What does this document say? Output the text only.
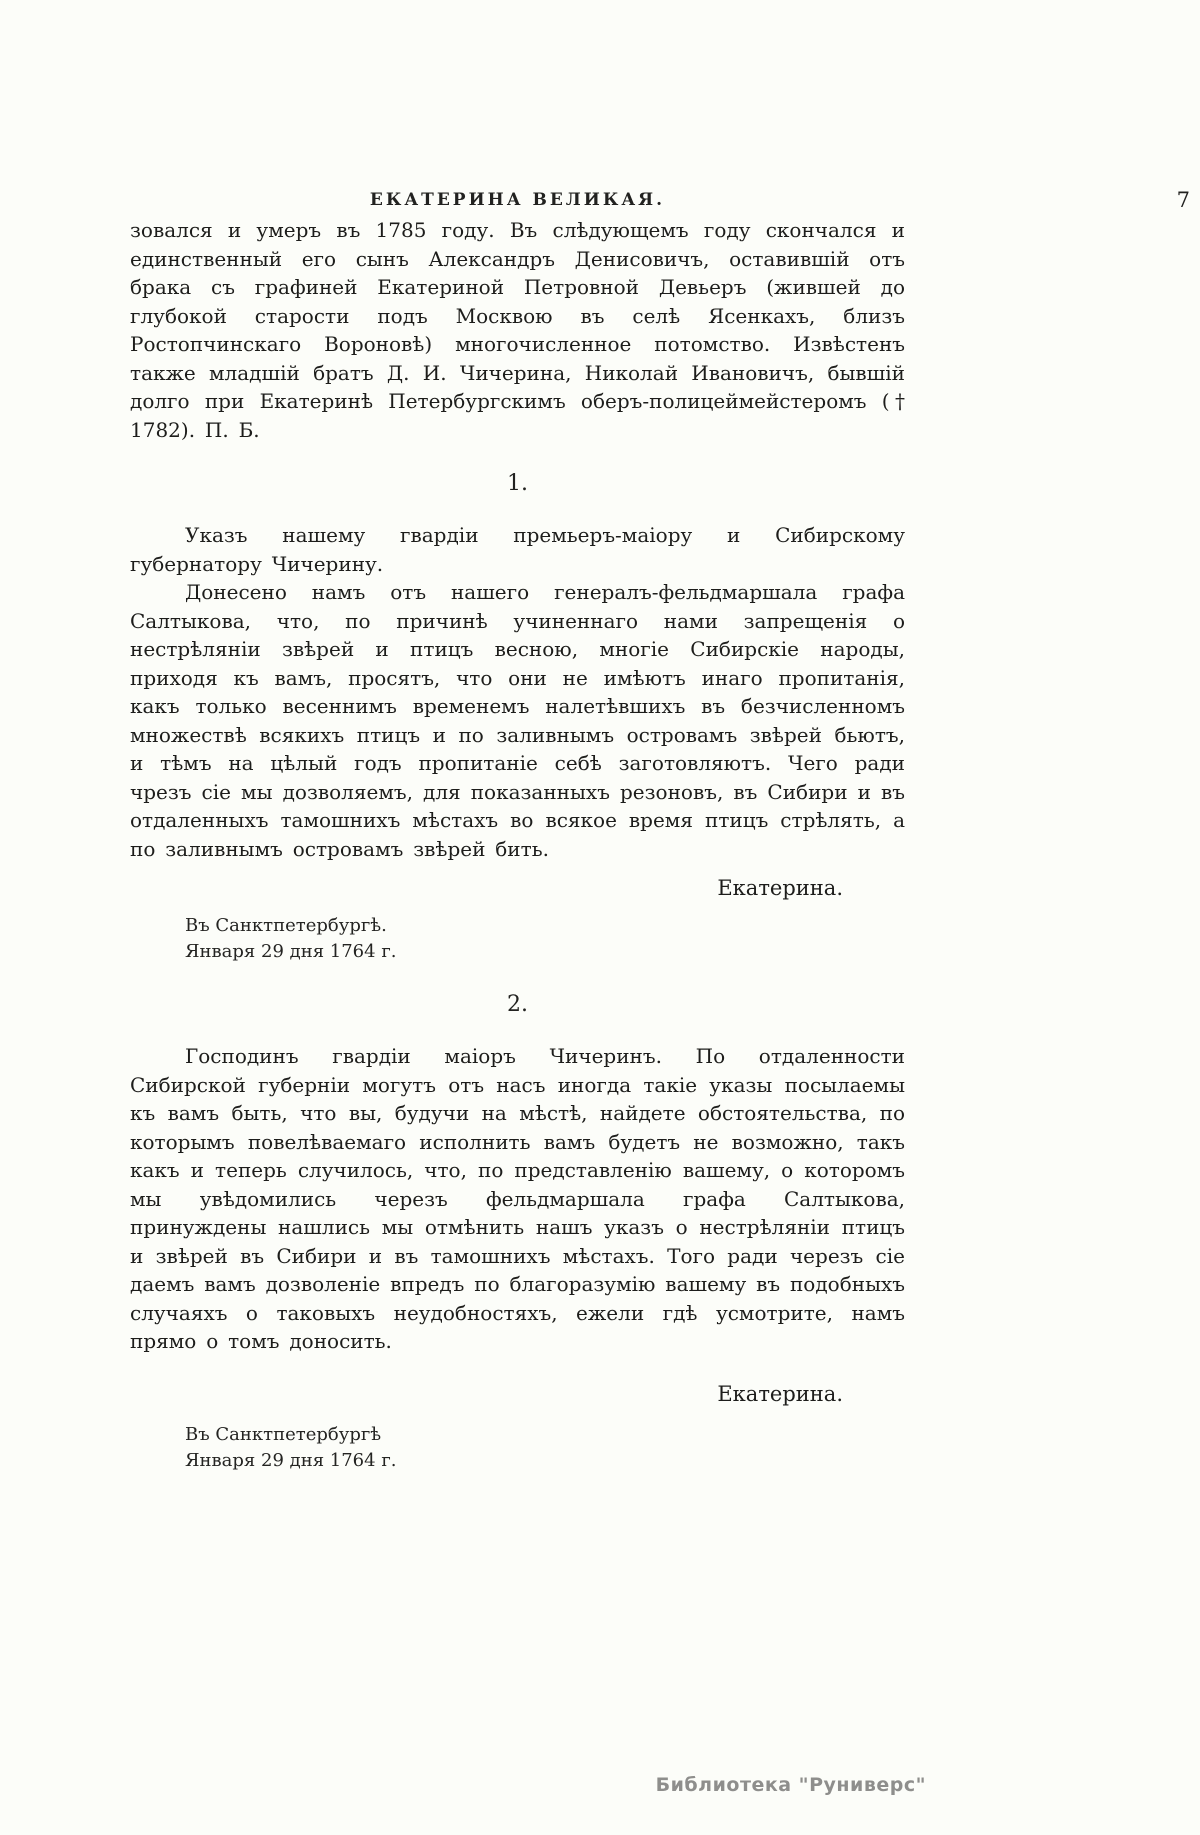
ЕКАТЕРИНА ВЕЛИКАЯ.

зовался и умеръ въ 1785 году. Въ слѣдующемъ году скончался и единственный его сынъ Александръ Денисовичъ, оставившій отъ брака съ графиней Екатериной Петровной Девьеръ (жившей до глубокой старости подъ Москвою въ селѣ Ясенкахъ, близъ Ростопчинскаго Вороновѣ) многочисленное потомство. Извѣстенъ также младшій братъ Д. И. Чичерина, Николай Ивановичъ, бывшій долго при Екатеринѣ Петербургскимъ оберъ-полицеймейстеромъ († 1782). П. Б.

1.

Указъ нашему гвардіи премьеръ-маіору и Сибирскому губернатору Чичерину.

Донесено намъ отъ нашего генералъ-фельдмаршала графа Салтыкова, что, по причинѣ учиненнаго нами запрещенія о нестрѣляніи звѣрей и птицъ весною, многіе Сибирскіе народы, приходя къ вамъ, просятъ, что они не имѣютъ инаго пропитанія, какъ только весеннимъ временемъ налетѣвшихъ въ безчисленномъ множествѣ всякихъ птицъ и по заливнымъ островамъ звѣрей бьютъ, и тѣмъ на цѣлый годъ пропитаніе себѣ заготовляютъ. Чего ради чрезъ сіе мы дозволяемъ, для показанныхъ резоновъ, въ Сибири и въ отдаленныхъ тамошнихъ мѣстахъ во всякое время птицъ стрѣлять, а по заливнымъ островамъ звѣрей бить.

Екатерина.
Въ Санктпетербургѣ.
Января 29 дня 1764 г.
2.

Господинъ гвардіи маіоръ Чичеринъ. По отдаленности Сибирской губерніи могутъ отъ насъ иногда такіе указы посылаемы къ вамъ быть, что вы, будучи на мѣстѣ, найдете обстоятельства, по которымъ повелѣваемаго исполнить вамъ будетъ не возможно, такъ какъ и теперь случилось, что, по представленію вашему, о которомъ мы увѣдомились черезъ фельдмаршала графа Салтыкова, принуждены нашлись мы отмѣнить нашъ указъ о нестрѣляніи птицъ и звѣрей въ Сибири и въ тамошнихъ мѣстахъ. Того ради черезъ сіе даемъ вамъ дозволеніе впредъ по благоразумію вашему въ подобныхъ случаяхъ о таковыхъ неудобностяхъ, ежели гдѣ усмотрите, намъ прямо о томъ доносить.

Екатерина.
Въ Санктпетербургѣ
Января 29 дня 1764 г.
7
Библиотека "Руниверс"
